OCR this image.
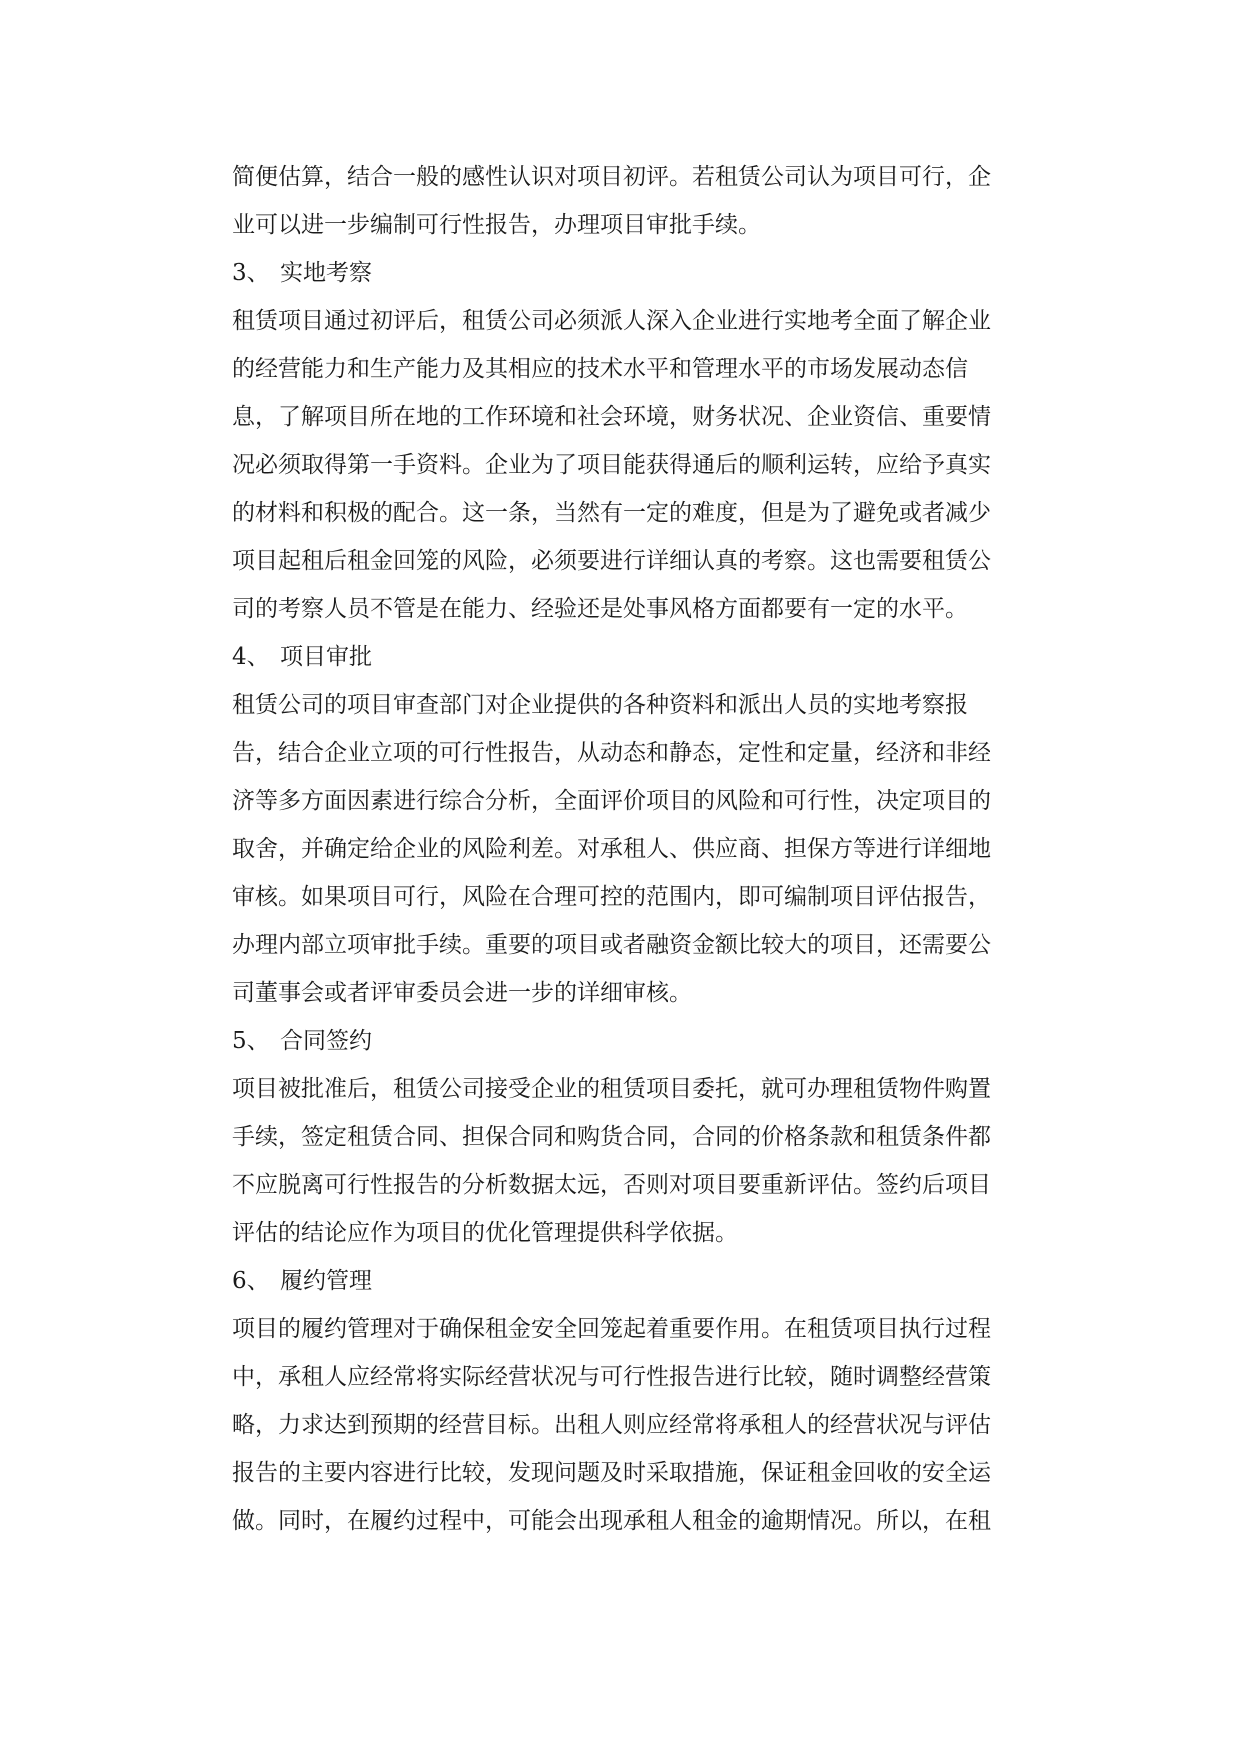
简便估算，结合一般的感性认识对项目初评。若租赁公司认为项目可行，企
业可以进一步编制可行性报告，办理项目审批手续。
3、 实地考察
租赁项目通过初评后，租赁公司必须派人深入企业进行实地考全面了解企业
的经营能力和生产能力及其相应的技术水平和管理水平的市场发展动态信
息，了解项目所在地的工作环境和社会环境，财务状况、企业资信、重要情
况必须取得第一手资料。企业为了项目能获得通后的顺利运转，应给予真实
的材料和积极的配合。这一条，当然有一定的难度，但是为了避免或者减少
项目起租后租金回笼的风险，必须要进行详细认真的考察。这也需要租赁公
司的考察人员不管是在能力、经验还是处事风格方面都要有一定的水平。
4、 项目审批
租赁公司的项目审查部门对企业提供的各种资料和派出人员的实地考察报
告，结合企业立项的可行性报告，从动态和静态，定性和定量，经济和非经
济等多方面因素进行综合分析，全面评价项目的风险和可行性，决定项目的
取舍，并确定给企业的风险利差。对承租人、供应商、担保方等进行详细地
审核。如果项目可行，风险在合理可控的范围内，即可编制项目评估报告，
办理内部立项审批手续。重要的项目或者融资金额比较大的项目，还需要公
司董事会或者评审委员会进一步的详细审核。
5、 合同签约
项目被批准后，租赁公司接受企业的租赁项目委托，就可办理租赁物件购置
手续，签定租赁合同、担保合同和购货合同，合同的价格条款和租赁条件都
不应脱离可行性报告的分析数据太远，否则对项目要重新评估。签约后项目
评估的结论应作为项目的优化管理提供科学依据。
6、 履约管理
项目的履约管理对于确保租金安全回笼起着重要作用。在租赁项目执行过程
中，承租人应经常将实际经营状况与可行性报告进行比较，随时调整经营策
略，力求达到预期的经营目标。出租人则应经常将承租人的经营状况与评估
报告的主要内容进行比较，发现问题及时采取措施，保证租金回收的安全运
做。同时，在履约过程中，可能会出现承租人租金的逾期情况。所以，在租
